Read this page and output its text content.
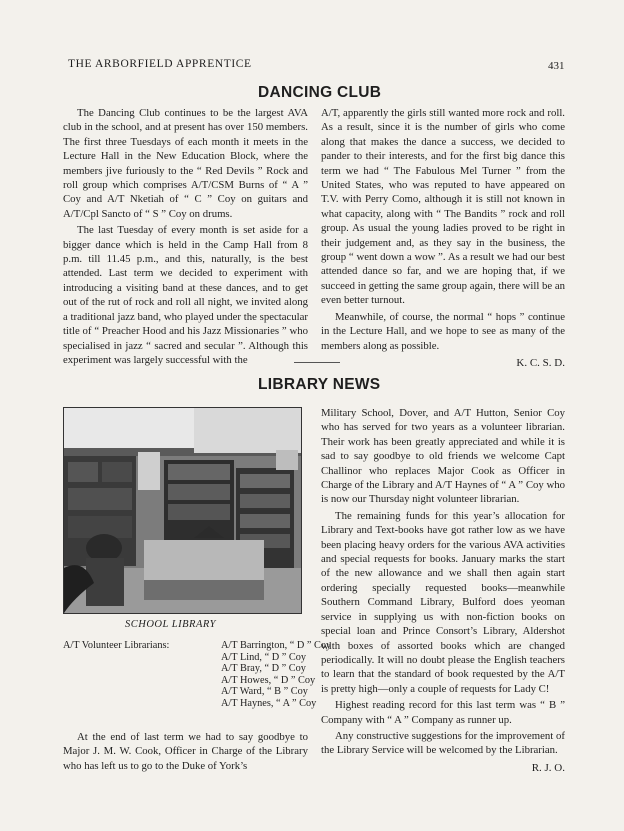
THE ARBORFIELD APPRENTICE	431
DANCING CLUB

The Dancing Club continues to be the largest AVA club in the school, and at present has over 150 members. The first three Tuesdays of each month it meets in the Lecture Hall in the New Education Block, where the members jive furiously to the “ Red Devils ” Rock and roll group which comprises A/T/CSM Burns of “ A ” Coy and A/T Nketiah of “ C ” Coy on guitars and A/T/Cpl Sancto of “ S ” Coy on drums.

The last Tuesday of every month is set aside for a bigger dance which is held in the Camp Hall from 8 p.m. till 11.45 p.m., and this, naturally, is the best attended. Last term we decided to experiment with introducing a visiting band at these dances, and to get out of the rut of rock and roll all night, we invited along a traditional jazz band, who played under the spectacular title of “ Preacher Hood and his Jazz Missionaries ” who specialised in jazz “ sacred and secular ”. Although this experiment was largely successful with the

A/T, apparently the girls still wanted more rock and roll. As a result, since it is the number of girls who come along that makes the dance a success, we decided to pander to their interests, and for the first big dance this term we had “ The Fabulous Mel Turner ” from the United States, who was reputed to have appeared on T.V. with Perry Como, although it is still not known in what capacity, along with “ The Bandits ” rock and roll group. As usual the young ladies proved to be right in their judgement and, as they say in the business, the group “ went down a wow ”. As a result we had our best attended dance so far, and we are hoping that, if we succeed in getting the same group again, there will be an even better turnout.

Meanwhile, of course, the normal “ hops ” continue in the Lecture Hall, and we hope to see as many of the members along as possible.

K. C. S. D.
LIBRARY NEWS
SCHOOL LIBRARY
A/T Volunteer Librarians:	A/T Barrington, “ D ” Coy
A/T Lind, “ D ” Coy
A/T Bray, “ D ” Coy
A/T Howes, “ D ” Coy
A/T Ward, “ B ” Coy
A/T Haynes, “ A ” Coy

At the end of last term we had to say goodbye to Major J. M. W. Cook, Officer in Charge of the Library who has left us to go to the Duke of York’s

Military School, Dover, and A/T Hutton, Senior Coy who has served for two years as a volunteer librarian. Their work has been greatly appreciated and while it is sad to say goodbye to old friends we welcome Capt Challinor who replaces Major Cook as Officer in Charge of the Library and A/T Haynes of “ A ” Coy who is now our Thursday night volunteer librarian.

The remaining funds for this year’s allocation for Library and Text-books have got rather low as we have been placing heavy orders for the various AVA activities and special requests for books. January marks the start of the new allowance and we shall then again start ordering specially requested books—meanwhile Southern Command Library, Bulford does yeoman service in supplying us with non-fiction books on special loan and Prince Consort’s Library, Aldershot with boxes of assorted books which are changed periodically. It will no doubt please the English teachers to learn that the standard of book requested by the A/T is pretty high—only a couple of requests for Lady C!

Highest reading record for this last term was “ B ” Company with “ A ” Company as runner up.

Any constructive suggestions for the improvement of the Library Service will be welcomed by the Librarian.

R. J. O.
